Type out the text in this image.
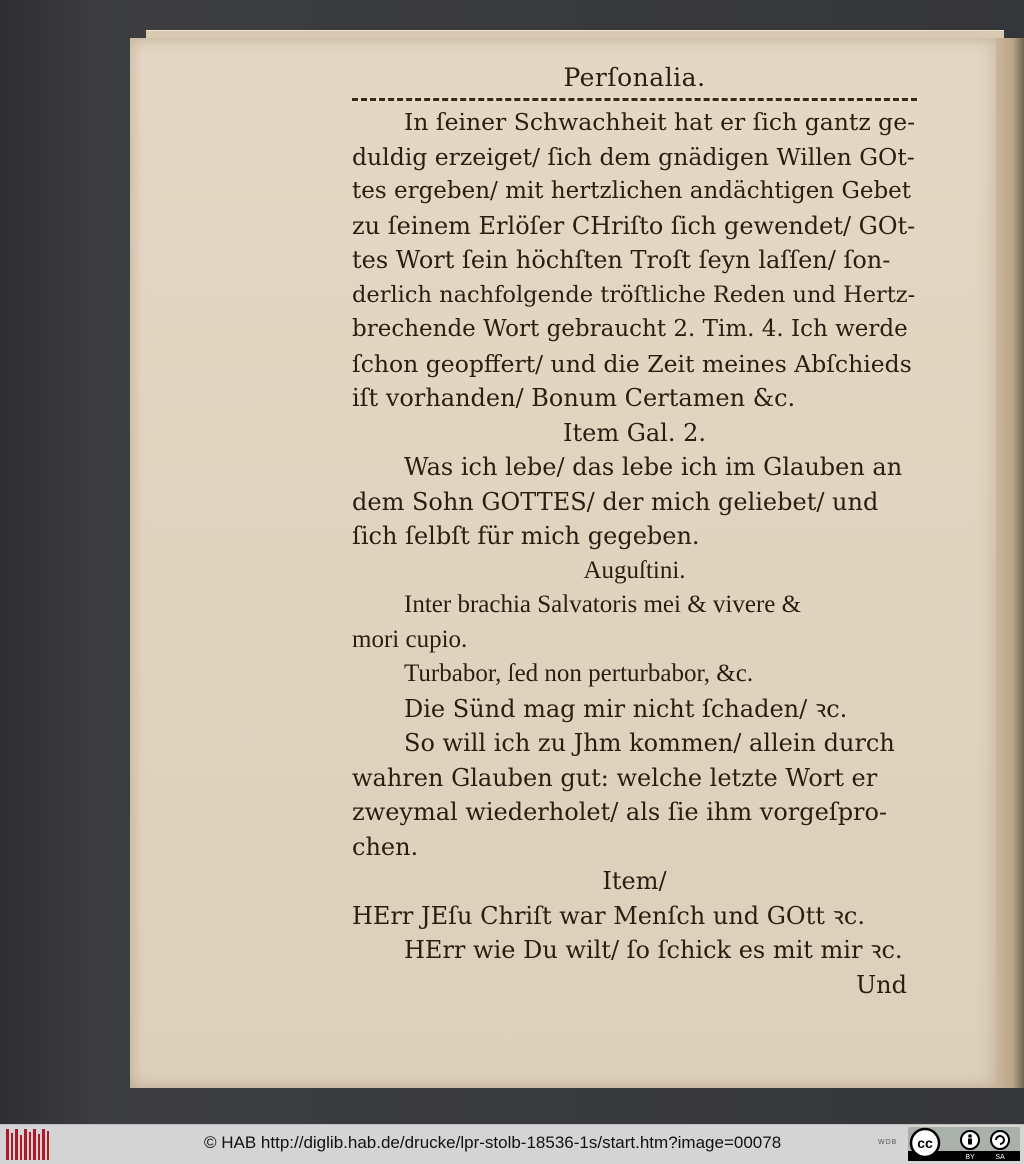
Perſonalia.
In ſeiner Schwachheit hat er ſich gantz ge-
duldig erzeiget/ ſich dem gnädigen Willen GOt-
tes ergeben/ mit hertzlichen andächtigen Gebet
zu ſeinem Erlöſer CHriſto ſich gewendet/ GOt-
tes Wort ſein höchſten Troſt ſeyn laſſen/ ſon-
derlich nachfolgende tröſtliche Reden und Hertz-
brechende Wort gebraucht 2. Tim. 4. Ich werde
ſchon geopffert/ und die Zeit meines Abſchieds
iſt vorhanden/ Bonum Certamen &c.
Item Gal. 2.
Was ich lebe/ das lebe ich im Glauben an
dem Sohn GOTTES/ der mich geliebet/ und
ſich ſelbſt für mich gegeben.
Auguſtini.
Inter brachia Salvatoris mei & vivere &
mori cupio.
Turbabor, ſed non perturbabor, &c.
Die Sünd mag mir nicht ſchaden/ ꝛc.
So will ich zu Jhm kommen/ allein durch
wahren Glauben gut: welche letzte Wort er
zweymal wiederholet/ als ſie ihm vorgeſpro-
chen.
Item/
HErr JEſu Chriſt war Menſch und GOtt ꝛc.
HErr wie Du wilt/ ſo ſchick es mit mir ꝛc.
Und
© HAB http://diglib.hab.de/drucke/lpr-stolb-18536-1s/start.htm?image=00078	WDB cc
BY	SA
